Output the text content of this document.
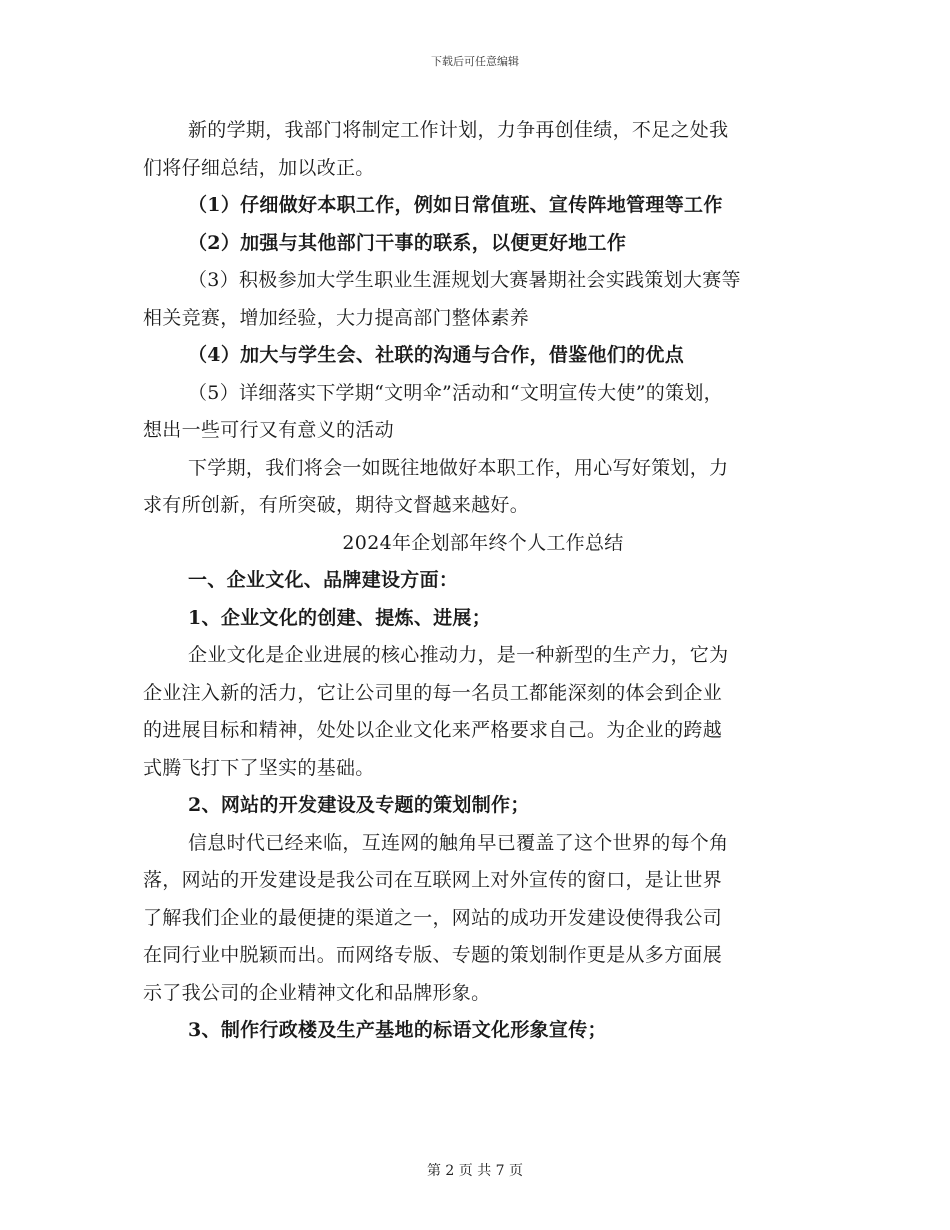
下载后可任意编辑

新的学期，我部门将制定工作计划，力争再创佳绩，不足之处我

们将仔细总结，加以改正。

（1）仔细做好本职工作，例如日常值班、宣传阵地管理等工作

（2）加强与其他部门干事的联系，以便更好地工作

（3）积极参加大学生职业生涯规划大赛暑期社会实践策划大赛等

相关竞赛，增加经验，大力提高部门整体素养

（4）加大与学生会、社联的沟通与合作，借鉴他们的优点

（5）详细落实下学期“文明伞”活动和“文明宣传大使”的策划，

想出一些可行又有意义的活动

下学期，我们将会一如既往地做好本职工作，用心写好策划，力

求有所创新，有所突破，期待文督越来越好。

2024年企划部年终个人工作总结

一、企业文化、品牌建设方面：

1、企业文化的创建、提炼、进展；

企业文化是企业进展的核心推动力，是一种新型的生产力，它为

企业注入新的活力，它让公司里的每一名员工都能深刻的体会到企业

的进展目标和精神，处处以企业文化来严格要求自己。为企业的跨越

式腾飞打下了坚实的基础。

2、网站的开发建设及专题的策划制作；

信息时代已经来临，互连网的触角早已覆盖了这个世界的每个角

落，网站的开发建设是我公司在互联网上对外宣传的窗口，是让世界

了解我们企业的最便捷的渠道之一，网站的成功开发建设使得我公司

在同行业中脱颖而出。而网络专版、专题的策划制作更是从多方面展

示了我公司的企业精神文化和品牌形象。

3、制作行政楼及生产基地的标语文化形象宣传；

第 2 页 共 7 页
